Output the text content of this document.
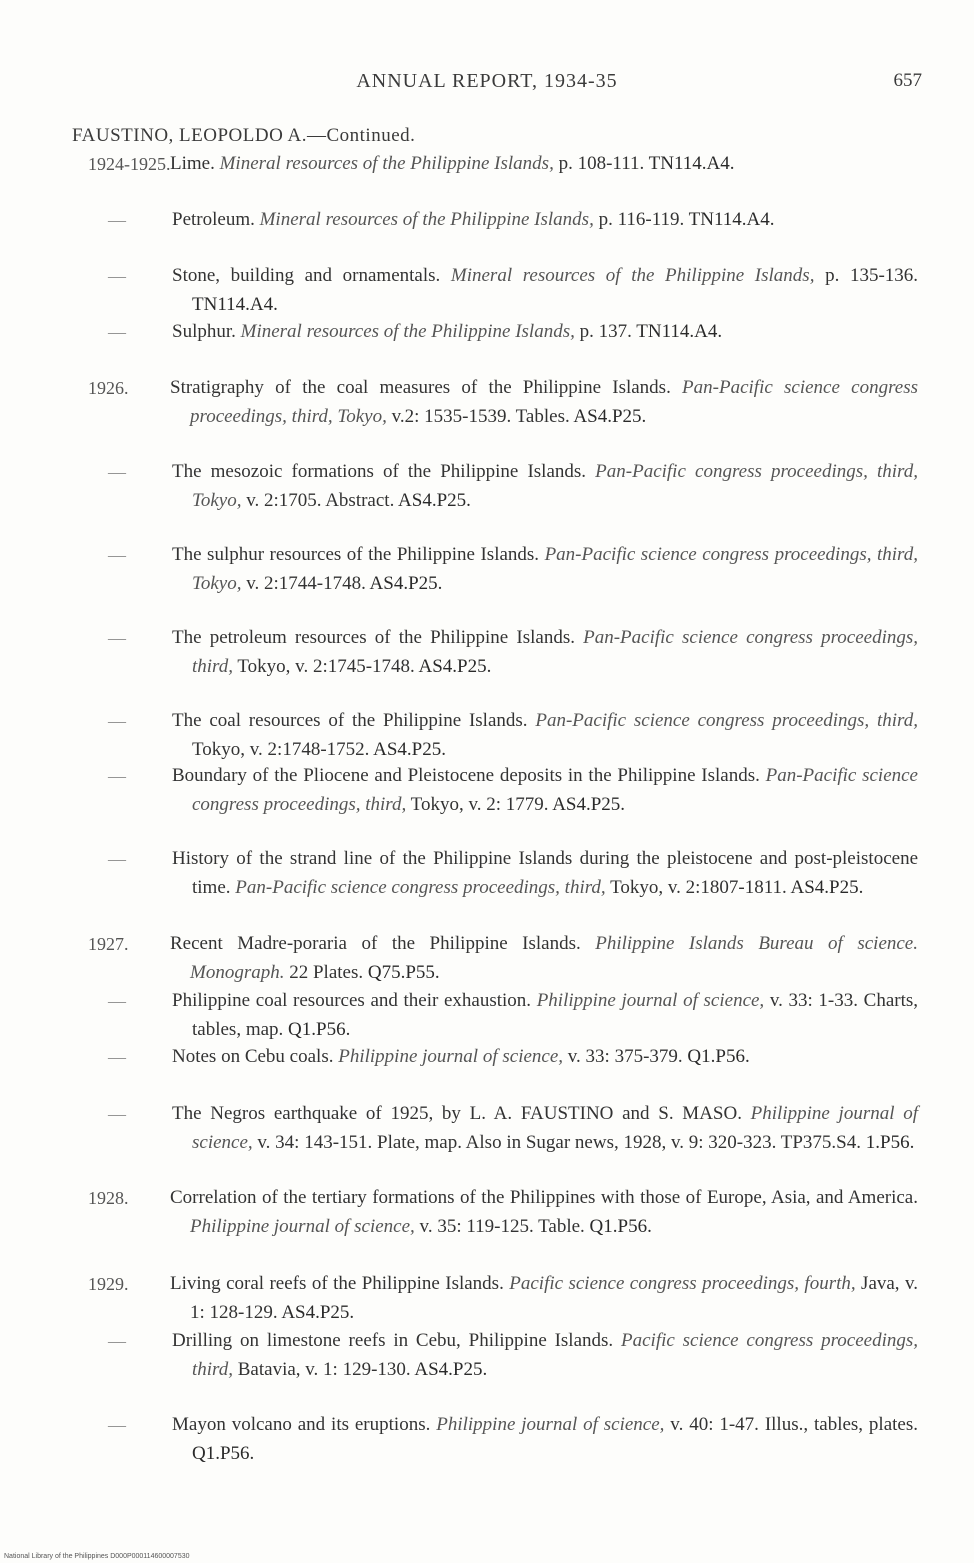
ANNUAL REPORT, 1934-35	657
FAUSTINO, LEOPOLDO A.—Continued.
1924-1925. Lime. Mineral resources of the Philippine Islands, p. 108-111. TN114.A4.
— Petroleum. Mineral resources of the Philippine Islands, p. 116-119. TN114.A4.
— Stone, building and ornamentals. Mineral resources of the Philippine Islands, p. 135-136. TN114.A4.
— Sulphur. Mineral resources of the Philippine Islands, p. 137. TN114.A4.
1926. Stratigraphy of the coal measures of the Philippine Islands. Pan-Pacific science congress proceedings, third, Tokyo, v.2: 1535-1539. Tables. AS4.P25.
— The mesozoic formations of the Philippine Islands. Pan-Pacific congress proceedings, third, Tokyo, v. 2:1705. Abstract. AS4.P25.
— The sulphur resources of the Philippine Islands. Pan-Pacific science congress proceedings, third, Tokyo, v. 2:1744-1748. AS4.P25.
— The petroleum resources of the Philippine Islands. Pan-Pacific science congress proceedings, third, Tokyo, v. 2:1745-1748. AS4.P25.
— The coal resources of the Philippine Islands. Pan-Pacific science congress proceedings, third, Tokyo, v. 2:1748-1752. AS4.P25.
— Boundary of the Pliocene and Pleistocene deposits in the Philippine Islands. Pan-Pacific science congress proceedings, third, Tokyo, v. 2: 1779. AS4.P25.
— History of the strand line of the Philippine Islands during the pleistocene and post-pleistocene time. Pan-Pacific science congress proceedings, third, Tokyo, v. 2:1807-1811. AS4.P25.
1927. Recent Madre-poraria of the Philippine Islands. Philippine Islands Bureau of science. Monograph. 22 Plates. Q75.P55.
— Philippine coal resources and their exhaustion. Philippine journal of science, v. 33: 1-33. Charts, tables, map. Q1.P56.
— Notes on Cebu coals. Philippine journal of science, v. 33: 375-379. Q1.P56.
— The Negros earthquake of 1925, by L. A. FAUSTINO and S. MASO. Philippine journal of science, v. 34: 143-151. Plate, map. Also in Sugar news, 1928, v. 9: 320-323. TP375.S4. 1.P56.
1928. Correlation of the tertiary formations of the Philippines with those of Europe, Asia, and America. Philippine journal of science, v. 35: 119-125. Table. Q1.P56.
1929. Living coral reefs of the Philippine Islands. Pacific science congress proceedings, fourth, Java, v. 1: 128-129. AS4.P25.
— Drilling on limestone reefs in Cebu, Philippine Islands. Pacific science congress proceedings, third, Batavia, v. 1: 129-130. AS4.P25.
— Mayon volcano and its eruptions. Philippine journal of science, v. 40: 1-47. Illus., tables, plates. Q1.P56.
National Library of the Philippines D000P000114600007530
